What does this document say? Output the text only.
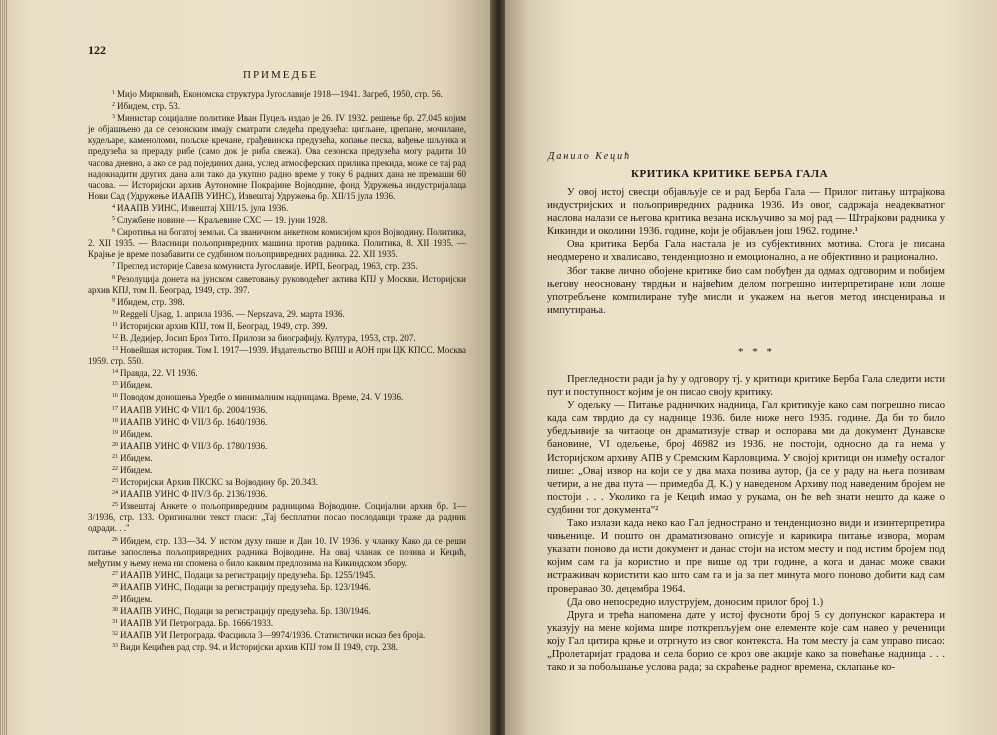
122
ПРИМЕДБЕ

$^1$ Мијо Мирковић, Економска структура Југославије 1918—1941. Загреб, 1950, стр. 56.

$^2$ Ибидем, стр. 53.

$^3$ Министар социјалне политике Иван Пуцељ издао је 26. IV 1932. решење бр. 27.045 којим је објашњено да се сезонским имају сматрати следећа предузећа: цигљане, црепане, мочилане, кудељаре, каменоломи, пољске кречане, грађевинска предузећа, копање песка, вађење шљунка и предузећа за прераду рибе (само док је риба свежа). Ова сезонска предузећа могу радити 10 часова дневно, а ако се рад појединих дана, услед атмосферских прилика прекида, може се тај рад надокнадити других дана али тако да укупно радно време у току 6 радних дана не премаши 60 часова. — Историјски архив Аутономне Покрајине Војводине, фонд Удружења индустријалаца Нови Сад (Удружење ИААПВ УИНС), Извештај Удружења бр. XII/15 јула 1936.

$^4$ ИААПВ УИНС, Извештај XIII/15. јула 1936.

$^5$ Службене новине — Краљевине СХС — 19. јуни 1928.

$^6$ Сиротиња на богатој земљи. Са званичном анкетном комисијом кроз Војводину. Политика, 2. XII 1935. — Власници пољопривредних машина против радника. Политика, 8. XII 1935. — Крајње је време позабавити се судбином пољопривредних радника. 22. XII 1935.

$^7$ Преглед историје Савеза комуниста Југославије. ИРП, Београд, 1963, стр. 235.

$^8$ Резолуција донета на јунском саветовању руководећег актива КПЈ у Москви. Историјски архив КПЈ, том II. Београд, 1949, стр. 397.

$^9$ Ибидем, стр. 398.

$^{10}$ Reggeli Ujsag, 1. априла 1936. — Nepszava, 29. марта 1936.

$^{11}$ Историјски архив КПЈ, том II, Београд, 1949, стр. 399.

$^{12}$ В. Дедијер, Јосип Броз Тито. Прилози за биографију. Култура, 1953, стр. 207.

$^{13}$ Новейшая история. Том I. 1917—1939. Издательство ВПШ и АОН при ЦК КПСС. Москва 1959. стр. 550.

$^{14}$ Правда, 22. VI 1936.

$^{15}$ Ибидем.

$^{16}$ Поводом доношења Уредбе о минималним надницама. Време, 24. V 1936.

$^{17}$ ИААПВ УИНС Ф VII/1 бр. 2004/1936.

$^{18}$ ИААПВ УИНС Ф VII/3 бр. 1640/1936.

$^{19}$ Ибидем.

$^{20}$ ИААПВ УИНС Ф VII/3 бр. 1780/1936.

$^{21}$ Ибидем.

$^{22}$ Ибидем.

$^{23}$ Историјски Архив ПКСКС за Војводину бр. 20.343.

$^{24}$ ИААПВ УИНС Ф IIV/3 бр. 2136/1936.

$^{25}$ Извештај Анкете о пољопривредним радницима Војводине. Социјални архив бр. 1—3/1936, стр. 133. Оригинални текст гласи: „Тај бесплатни посао послодавци траже да радник одради. . ."

$^{26}$ Ибидем, стр. 133—34. У истом духу пише и Дан 10. IV 1936. у чланку Како да се реши питање запослења пољопривредних радника Војводине. На овај чланак се позива и Кецић, међутим у њему нема ни спомена о било каквим предлозима на Кикиндском збору.

$^{27}$ ИААПВ УИНС, Подаци за регистрацију предузећа. Бр. 1255/1945.

$^{28}$ ИААПВ УИНС, Подаци за регистрацију предузећа. Бр. 123/1946.

$^{29}$ Ибидем.

$^{30}$ ИААПВ УИНС, Подаци за регистрацију предузећа. Бр. 130/1946.

$^{31}$ ИААПВ УИ Петроградa. Бр. 1666/1933.

$^{32}$ ИААПВ УИ Петроградa. Фасцикла 3—9974/1936. Статистички исказ без броја.

$^{33}$ Види Кецићев рад стр. 94. и Историјски архив КПЈ том II 1949, стр. 238.

Данило Кецић
КРИТИКА КРИТИКЕ БЕРБА ГАЛА

У овој истој свесци објављује се и рад Берба Гала — Прилог питању штрајкова индустријских и пољопривредних радника 1936. Из овог, садржаја неадекватног наслова налази се његова критика везана искључиво за мој рад — Штрајкови радника у Кикинди и околини 1936. године, који је објављен још 1962. године.¹

Ова критика Берба Гала настала је из субјективних мотива. Стога је писана неодмерено и хвалисаво, тенденциозно и емоционално, а не објективно и рационално.

Због такве лично обојене критике био сам побуђен да одмах одговорим и побијем његову неосновану тврдњи и највећим делом погрешно интерпретиране или лоше употребљене компилиране туђе мисли и укажем на његов метод инсценирања и импутирања.

* * *

Прегледности ради ја ћу у одговору тј. у критици критике Берба Гала следити исти пут и поступност којим је он писао своју критику.

У одељку — Питање радничких надница, Гал критикује како сам погрешно писао када сам тврдио да су наднице 1936. биле ниже него 1935. године. Да би то било убедљивије за читаоце он драматизује ствар и оспорава ми да документ Дунавске бановине, VI одељење, број 46982 из 1936. не постоји, односно да га нема у Историјском архиву АПВ у Сремским Карловцима. У својој критици он између осталог пише: „Овај извор на који се у два маха позива аутор, (ја се у раду на њега позивам четири, а не два пута — примедба Д. К.) у наведеном Архиву под наведеним бројем не постоји . . . Уколико га је Кецић имао у рукама, он ће већ знати нешто да каже о судбини тог документа"²

Тако излази када неко као Гал једнострано и тенденциозно види и изинтерпретира чињенице. И пошто он драматизовано описује и карикира питање извора, морам указати поново да исти документ и данас стоји на истом месту и под истим бројем под којим сам га ја користио и пре више од три године, а кога и данас може сваки истраживач користити као што сам га и ја за пет минута мого поново добити кад сам проверавао 30. децембра 1964.

(Да ово непосредно илуструјем, доносим прилог број 1.)

Друга и трећа напомена дате у истој фуснoти број 5 су допунског карактера и указују на мене којима шире поткрепљујем оне елементе које сам навео у реченици коју Гал цитира крње и отргнуто из свог контекста. На том месту ја сам управо писао: „Пролетаријат градова и села борио се кроз ове акције како за повећање надница . . . тако и за побољшање услова рада; за скраћење радног времена, склапање ко-
